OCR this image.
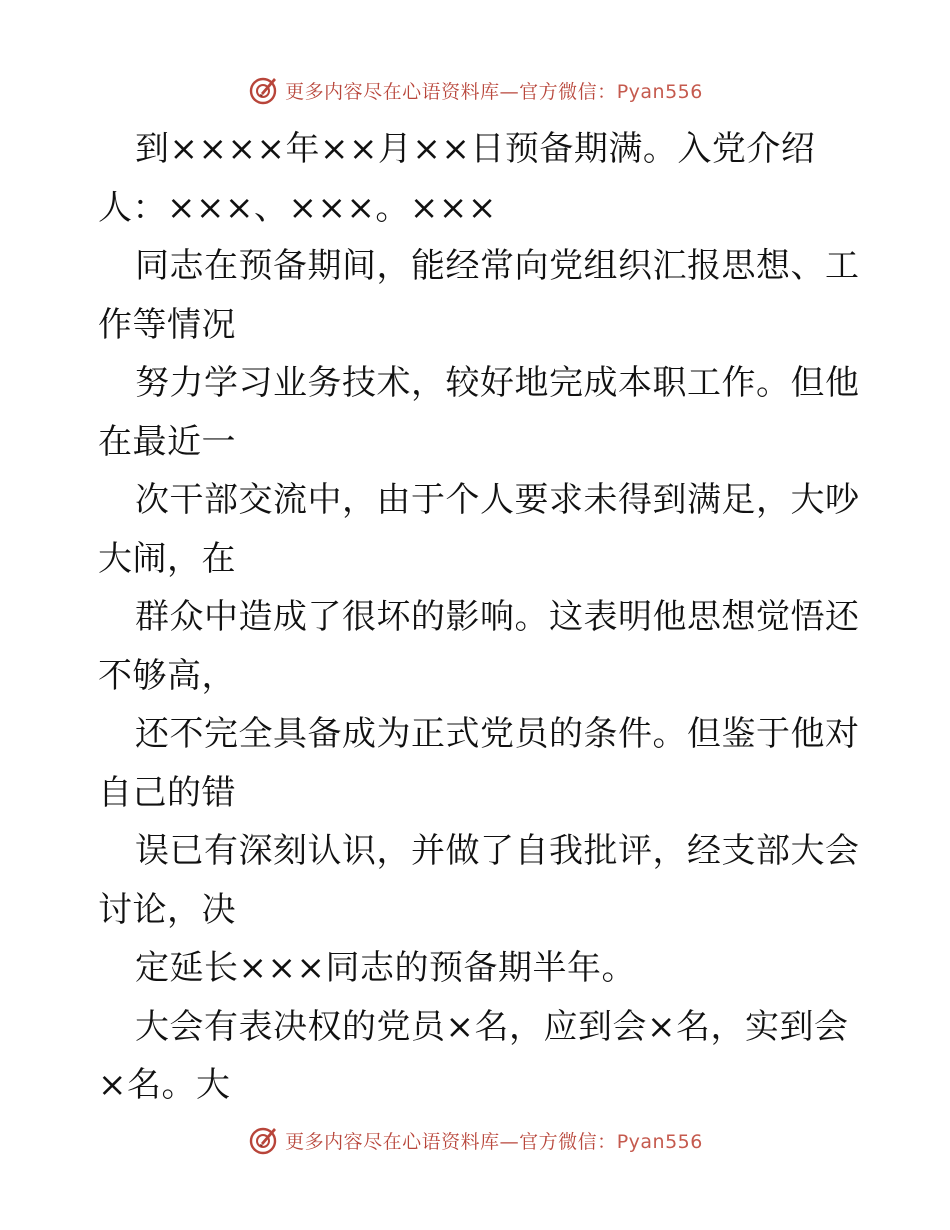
更多内容尽在心语资料库—官方微信：Pyan556
到××××年××月××日预备期满。入党介绍
人：×××、×××。×××
同志在预备期间，能经常向党组织汇报思想、工
作等情况
努力学习业务技术，较好地完成本职工作。但他
在最近一
次干部交流中，由于个人要求未得到满足，大吵
大闹，在
群众中造成了很坏的影响。这表明他思想觉悟还
不够高，
还不完全具备成为正式党员的条件。但鉴于他对
自己的错
误已有深刻认识，并做了自我批评，经支部大会
讨论，决
定延长×××同志的预备期半年。
大会有表决权的党员×名，应到会×名，实到会
×名。大
更多内容尽在心语资料库—官方微信：Pyan556
